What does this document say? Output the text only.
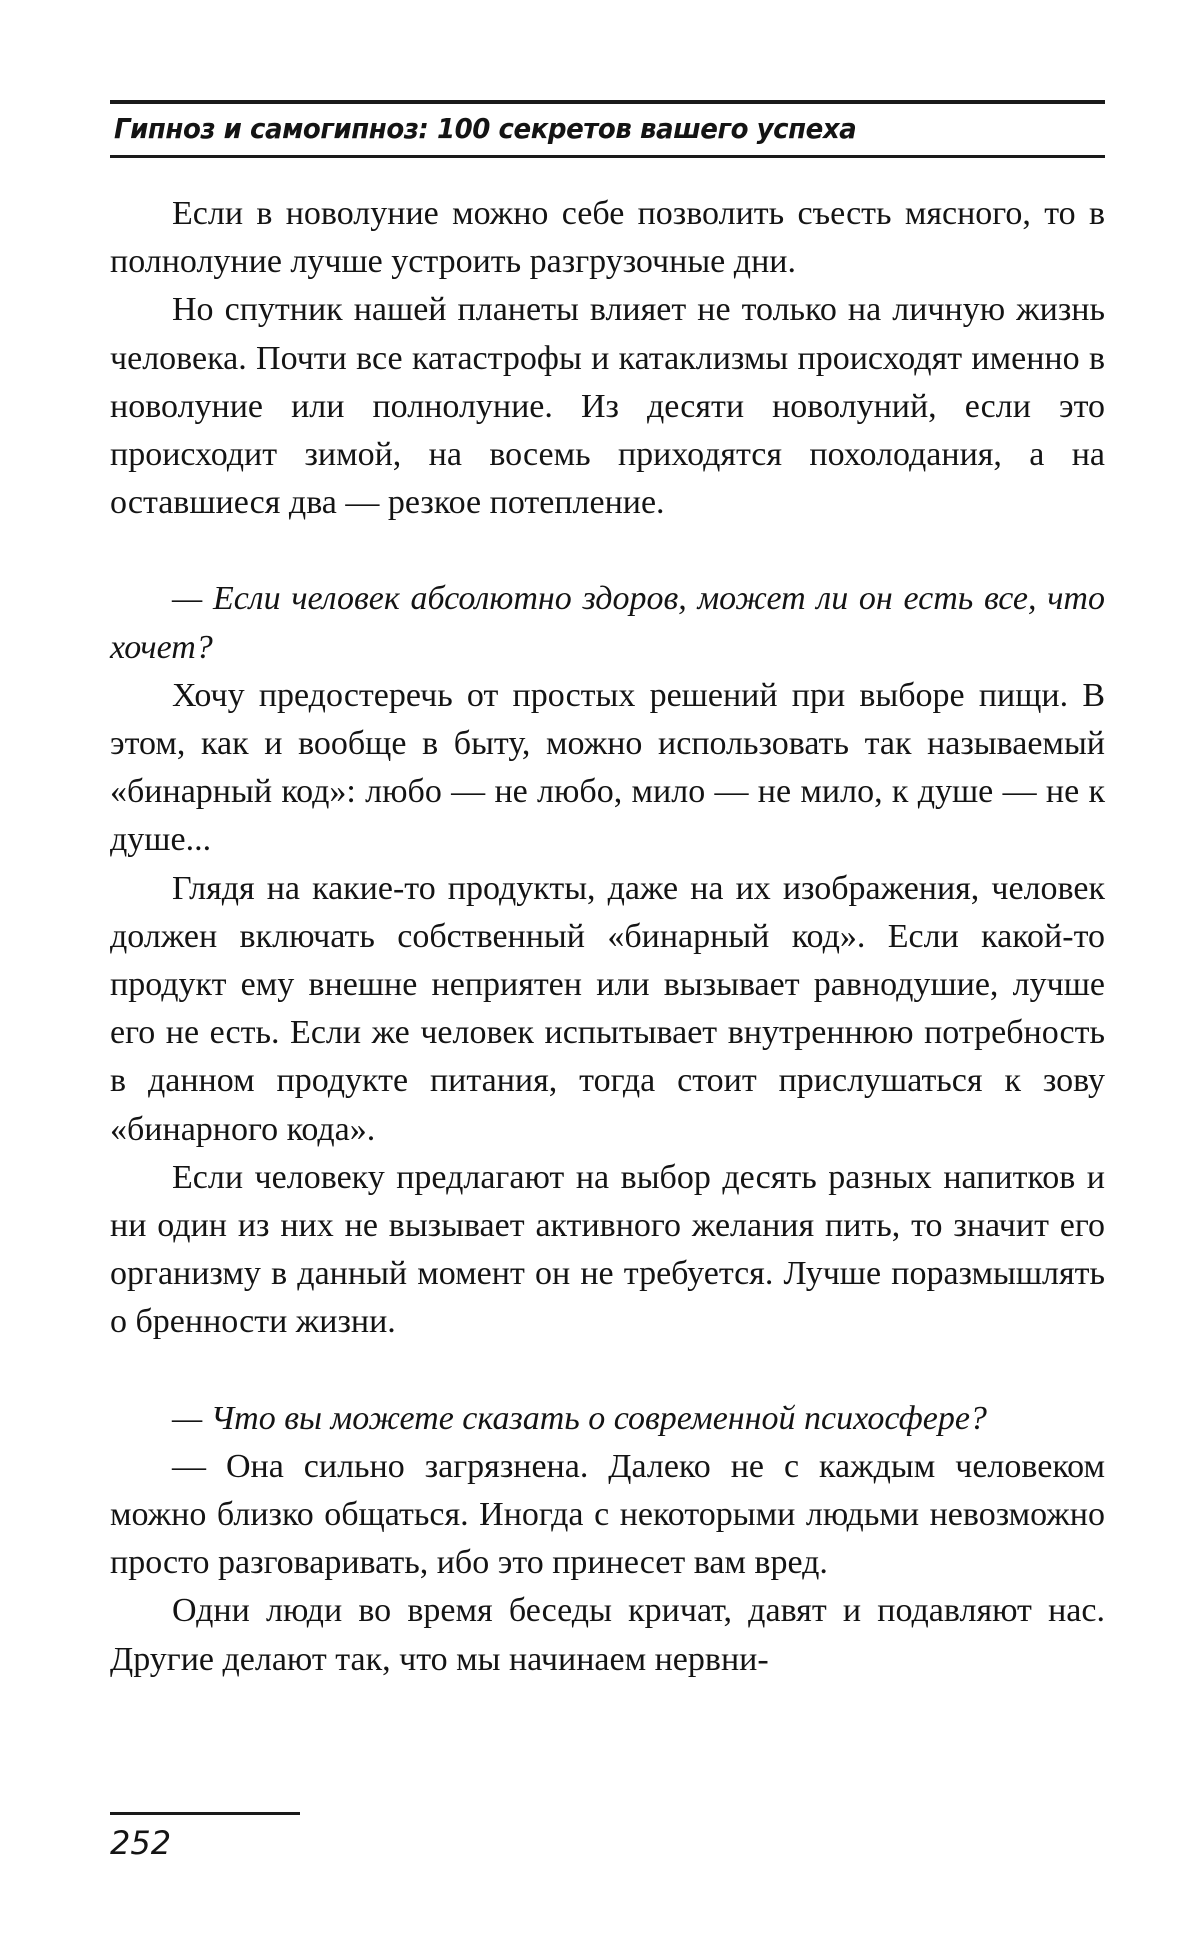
Гипноз и самогипноз: 100 секретов вашего успеха

Если в новолуние можно себе позволить съесть мясного, то в полнолуние лучше устроить разгрузочные дни.

Но спутник нашей планеты влияет не только на личную жизнь человека. Почти все катастрофы и катаклизмы происходят именно в новолуние или полнолуние. Из десяти новолуний, если это происходит зимой, на восемь приходятся похолодания, а на оставшиеся два — резкое потепление.

— Если человек абсолютно здоров, может ли он есть все, что хочет?

Хочу предостеречь от простых решений при выборе пищи. В этом, как и вообще в быту, можно использовать так называемый «бинарный код»: любо — не любо, мило — не мило, к душе — не к душе...

Глядя на какие-то продукты, даже на их изображения, человек должен включать собственный «бинарный код». Если какой-то продукт ему внешне неприятен или вызывает равнодушие, лучше его не есть. Если же человек испытывает внутреннюю потребность в данном продукте питания, тогда стоит прислушаться к зову «бинарного кода».

Если человеку предлагают на выбор десять разных напитков и ни один из них не вызывает активного желания пить, то значит его организму в данный момент он не требуется. Лучше поразмышлять о бренности жизни.

— Что вы можете сказать о современной психосфере?

— Она сильно загрязнена. Далеко не с каждым человеком можно близко общаться. Иногда с некоторыми людьми невозможно просто разговаривать, ибо это принесет вам вред.

Одни люди во время беседы кричат, давят и подавляют нас. Другие делают так, что мы начинаем нервни-

252
